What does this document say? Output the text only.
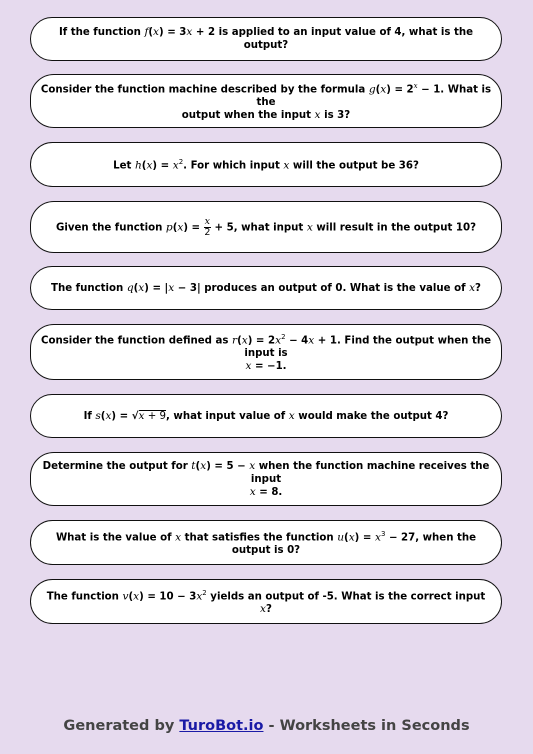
If the function f(x) = 3x + 2 is applied to an input value of 4, what is the output?
Consider the function machine described by the formula $g(x) = 2^x - 1$. What is the
output when the input x is 3?
Let $h(x) = x^2$. For which input x will the output be 36?
Given the function $p(x) = \frac{x}{2} + 5$, what input x will result in the output 10?
The function q(x) = |x − 3| produces an output of 0. What is the value of x?
Consider the function defined as $r(x) = 2x^2 - 4x + 1$. Find the output when the input is
x = −1.
If s(x) = √x + 9, what input value of x would make the output 4?
Determine the output for t(x) = 5 − x when the function machine receives the input
x = 8.
What is the value of x that satisfies the function $u(x) = x^3 - 27$, when the output is 0?
The function $v(x) = 10 - 3x^2$ yields an output of -5. What is the correct input x?
Generated by TuroBot.io - Worksheets in Seconds
